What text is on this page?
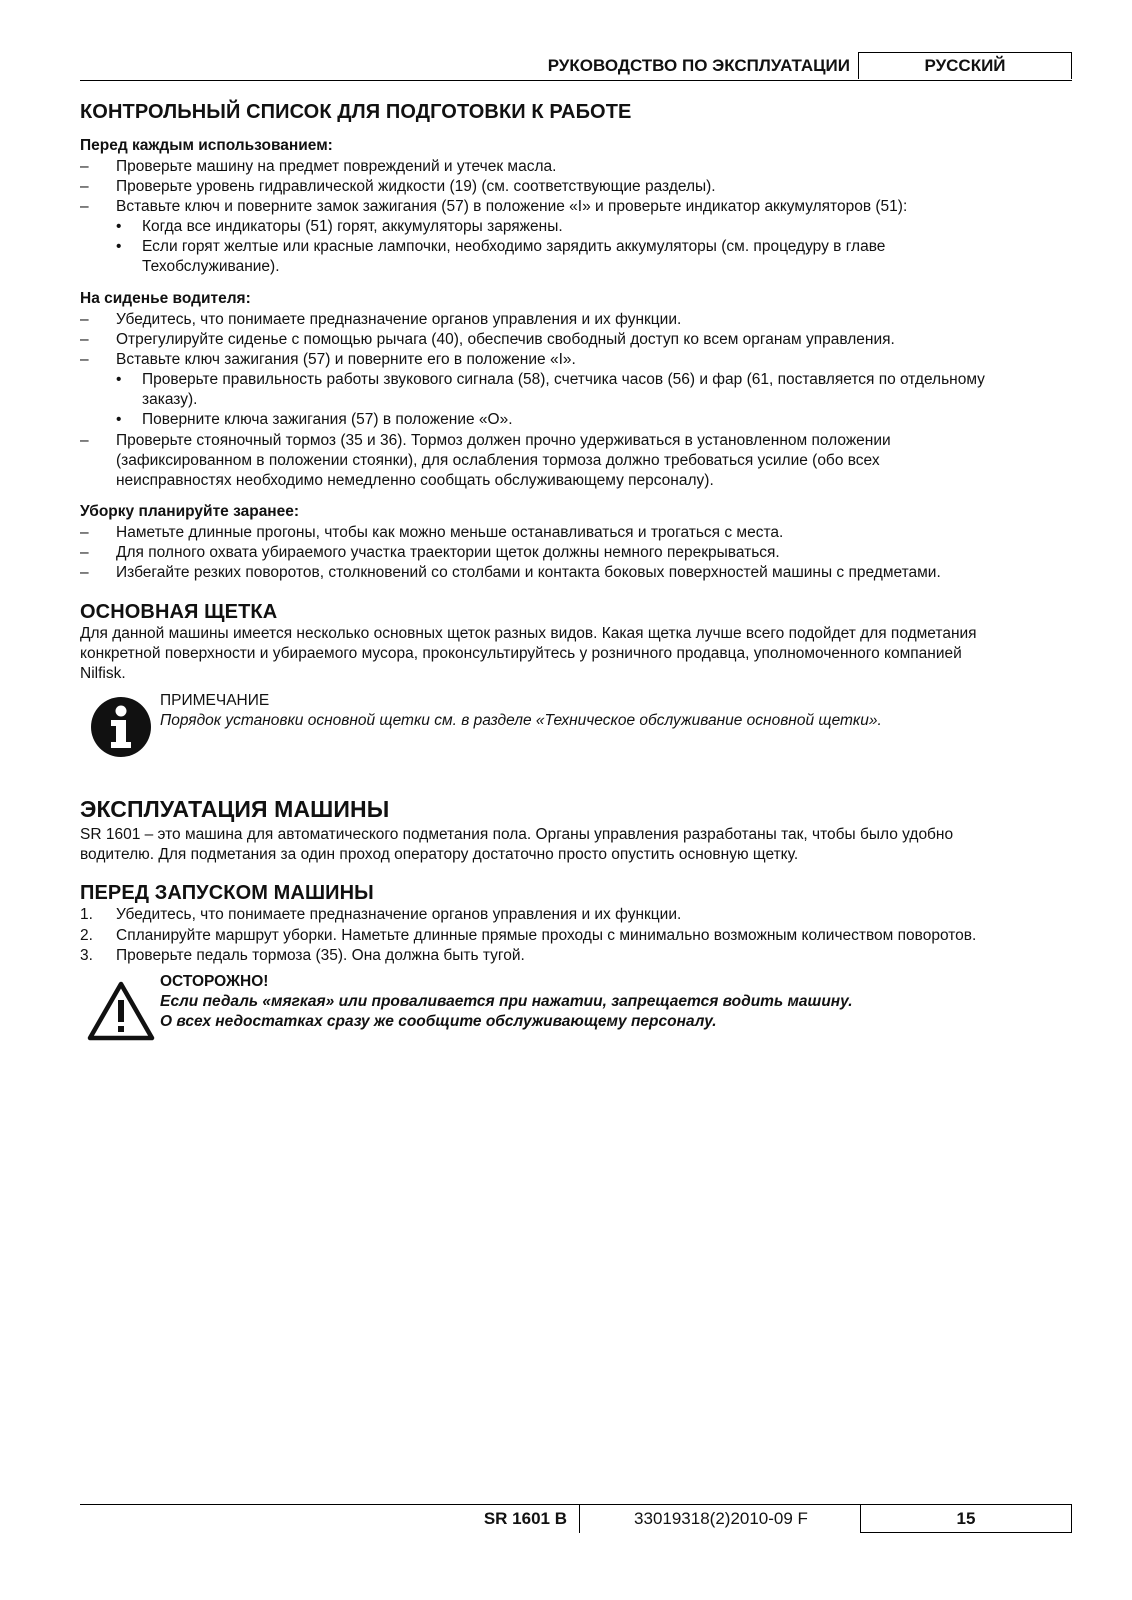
РУКОВОДСТВО ПО ЭКСПЛУАТАЦИИ	РУССКИЙ
КОНТРОЛЬНЫЙ СПИСОК ДЛЯ ПОДГОТОВКИ К РАБОТЕ
Перед каждым использованием:
–	Проверьте машину на предмет повреждений и утечек масла.
–	Проверьте уровень гидравлической жидкости (19) (см. соответствующие разделы).
–	Вставьте ключ и поверните замок зажигания (57) в положение «I» и проверьте индикатор аккумуляторов (51):
•	Когда все индикаторы (51) горят, аккумуляторы заряжены.
•	Если горят желтые или красные лампочки, необходимо зарядить аккумуляторы (см. процедуру в главе
Техобслуживание).
На сиденье водителя:
–	Убедитесь, что понимаете предназначение органов управления и их функции.
–	Отрегулируйте сиденье с помощью рычага (40), обеспечив свободный доступ ко всем органам управления.
–	Вставьте ключ зажигания (57) и поверните его в положение «I».
•	Проверьте правильность работы звукового сигнала (58), счетчика часов (56) и фар (61, поставляется по отдельному
заказу).
•	Поверните ключа зажигания (57) в положение «O».
–	Проверьте стояночный тормоз (35 и 36). Тормоз должен прочно удерживаться в установленном положении
(зафиксированном в положении стоянки), для ослабления тормоза должно требоваться усилие (обо всех
неисправностях необходимо немедленно сообщать обслуживающему персоналу).
Уборку планируйте заранее:
–	Наметьте длинные прогоны, чтобы как можно меньше останавливаться и трогаться с места.
–	Для полного охвата убираемого участка траектории щеток должны немного перекрываться.
–	Избегайте резких поворотов, столкновений со столбами и контакта боковых поверхностей машины с предметами.
ОСНОВНАЯ ЩЕТКА
Для данной машины имеется несколько основных щеток разных видов. Какая щетка лучше всего подойдет для подметания
конкретной поверхности и убираемого мусора, проконсультируйтесь у розничного продавца, уполномоченного компанией
Nilfisk.
ПРИМЕЧАНИЕ
Порядок установки основной щетки см. в разделе «Техническое обслуживание основной щетки».
ЭКСПЛУАТАЦИЯ МАШИНЫ
SR 1601 – это машина для автоматического подметания пола. Органы управления разработаны так, чтобы было удобно
водителю. Для подметания за один проход оператору достаточно просто опустить основную щетку.
ПЕРЕД ЗАПУСКОМ МАШИНЫ
1.	Убедитесь, что понимаете предназначение органов управления и их функции.
2.	Спланируйте маршрут уборки. Наметьте длинные прямые проходы с минимально возможным количеством поворотов.
3.	Проверьте педаль тормоза (35). Она должна быть тугой.
ОСТОРОЖНО!
Если педаль «мягкая» или проваливается при нажатии, запрещается водить машину.
О всех недостатках сразу же сообщите обслуживающему персоналу.
SR 1601 B	33019318(2)2010-09 F	15
